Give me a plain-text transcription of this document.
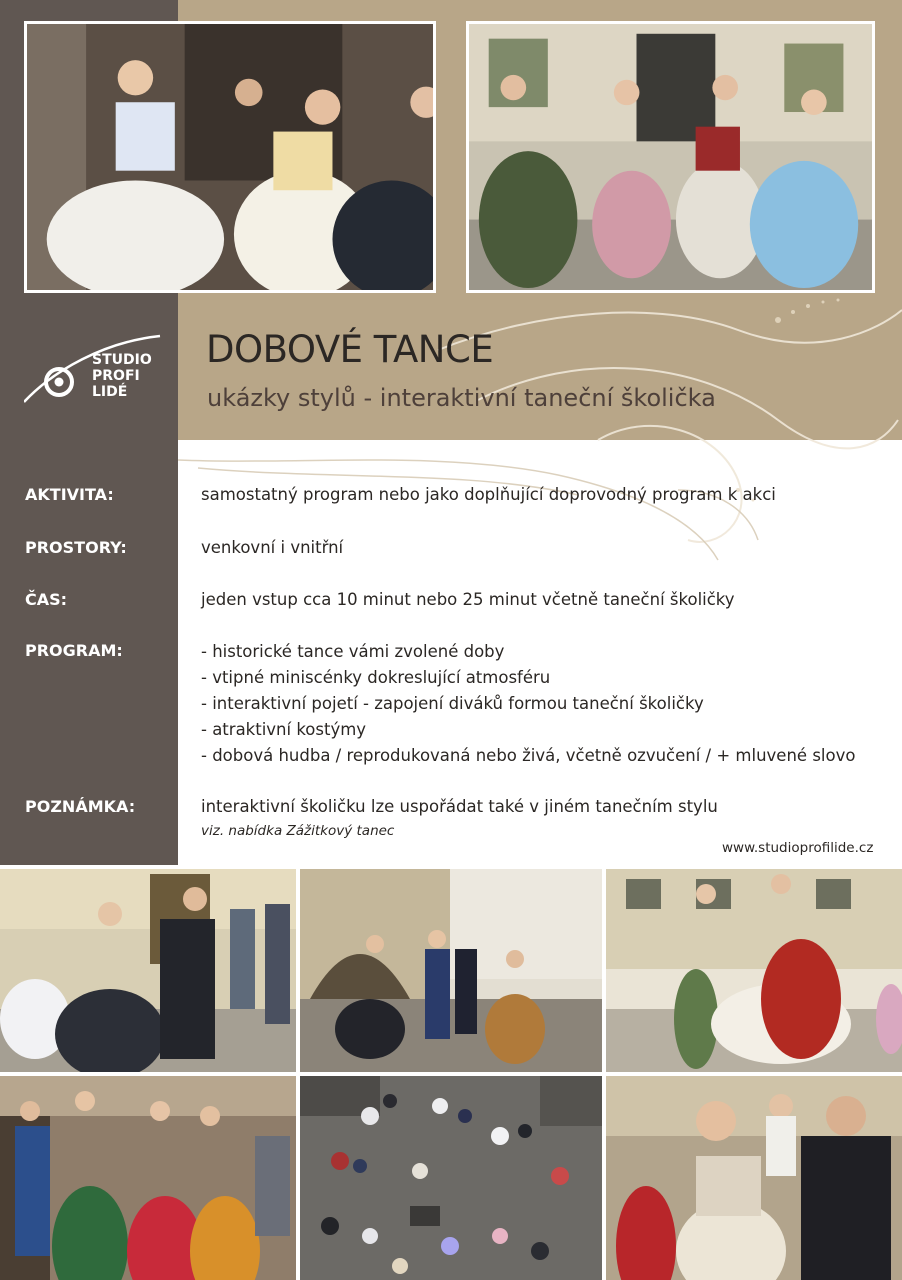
STUDIO
PROFI
LIDÉ
DOBOVÉ TANCE
ukázky stylů - interaktivní taneční školička
AKTIVITA:	samostatný program nebo jako doplňující doprovodný program k akci
PROSTORY:	venkovní i vnitřní
ČAS:	jeden vstup cca 10 minut nebo 25 minut včetně taneční školičky
PROGRAM:	- historické tance vámi zvolené doby
- vtipné miniscénky dokreslující atmosféru
- interaktivní pojetí - zapojení diváků formou taneční školičky
- atraktivní kostýmy
- dobová hudba / reprodukovaná nebo živá, včetně ozvučení / + mluvené slovo
POZNÁMKA:	interaktivní školičku lze uspořádat také v jiném tanečním stylu
viz. nabídka Zážitkový tanec
www.studioprofilide.cz
